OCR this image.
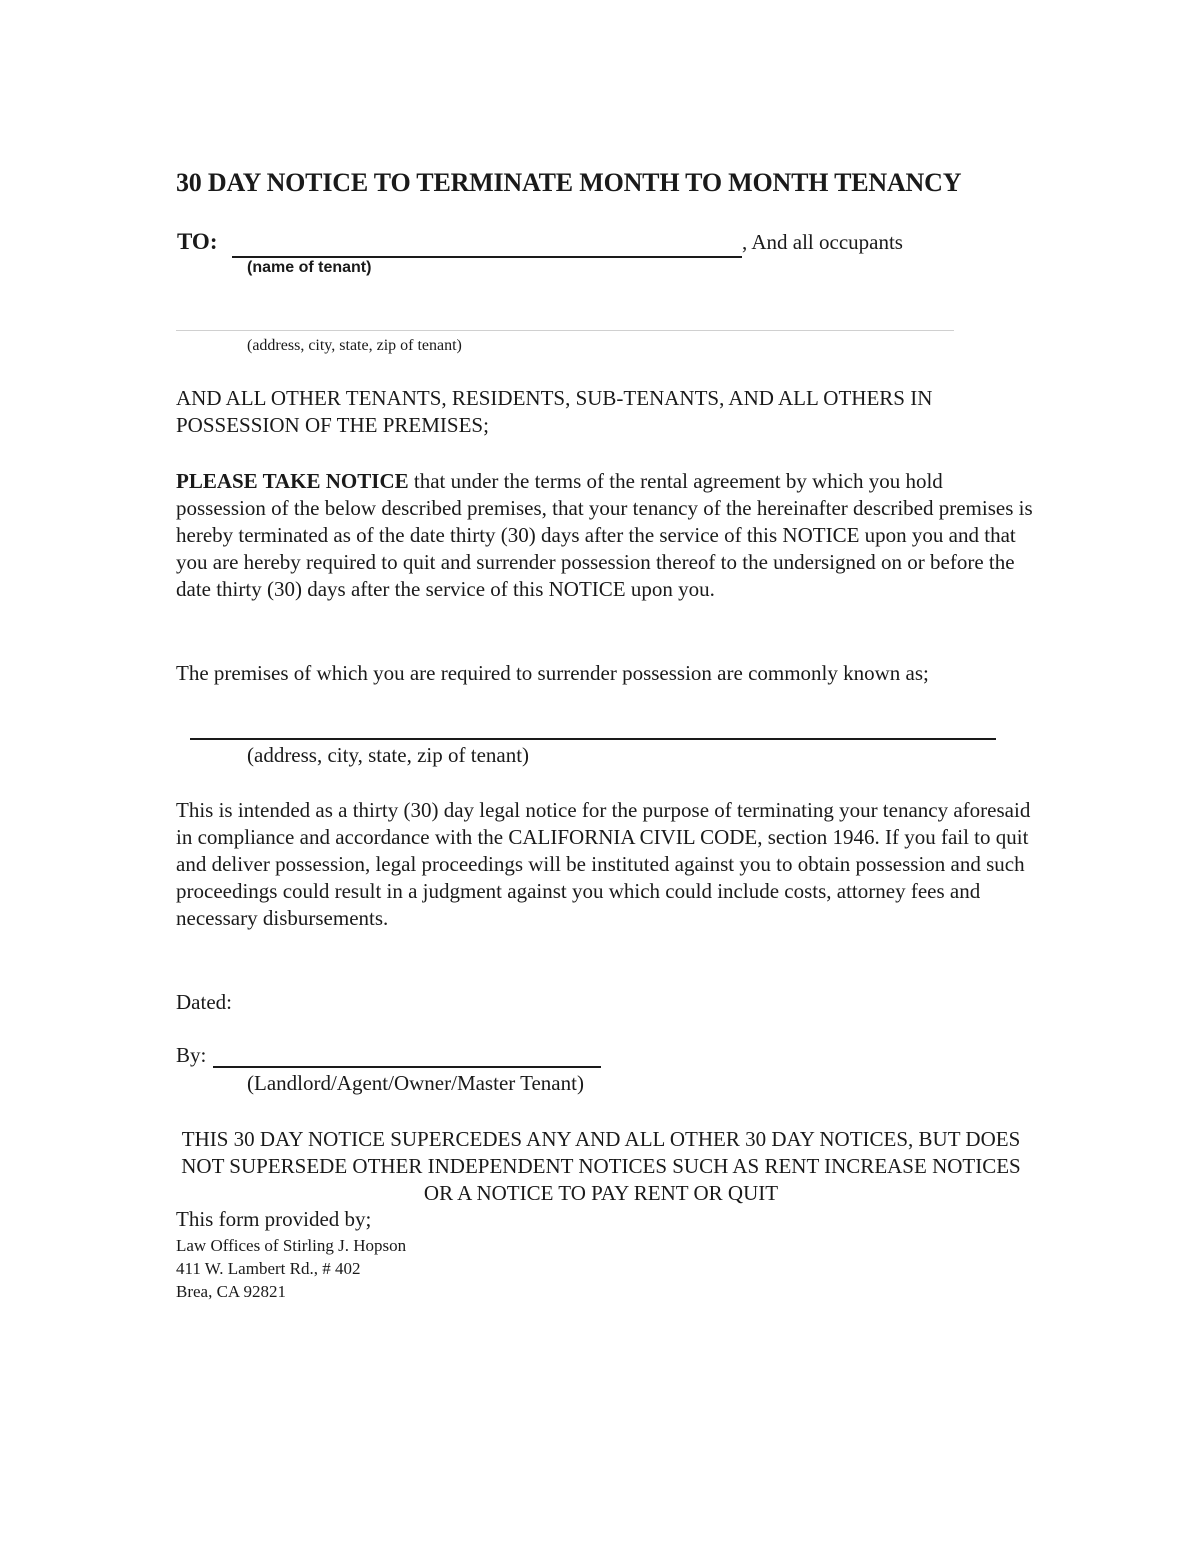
30 DAY NOTICE TO TERMINATE MONTH TO MONTH TENANCY
TO:	, And all occupants
(name of tenant)
(address, city, state, zip of tenant)
AND ALL OTHER TENANTS, RESIDENTS, SUB-TENANTS, AND ALL OTHERS IN POSSESSION OF THE PREMISES;
PLEASE TAKE NOTICE that under the terms of the rental agreement by which you hold possession of the below described premises, that your tenancy of the hereinafter described premises is hereby terminated as of the date thirty (30) days after the service of this NOTICE upon you and that you are hereby required to quit and surrender possession thereof to the undersigned on or before the date thirty (30) days after the service of this NOTICE upon you.
The premises of which you are required to surrender possession are commonly known as;
(address, city, state, zip of tenant)
This is intended as a thirty (30) day legal notice for the purpose of terminating your tenancy aforesaid in compliance and accordance with the CALIFORNIA CIVIL CODE, section 1946. If you fail to quit and deliver possession, legal proceedings will be instituted against you to obtain possession and such proceedings could result in a judgment against you which could include costs, attorney fees and necessary disbursements.
Dated:
By:
(Landlord/Agent/Owner/Master Tenant)
THIS 30 DAY NOTICE SUPERCEDES ANY AND ALL OTHER 30 DAY NOTICES, BUT DOES NOT SUPERSEDE OTHER INDEPENDENT NOTICES SUCH AS RENT INCREASE NOTICES OR A NOTICE TO PAY RENT OR QUIT
This form provided by;
Law Offices of Stirling J. Hopson
411 W. Lambert Rd., # 402
Brea, CA 92821
